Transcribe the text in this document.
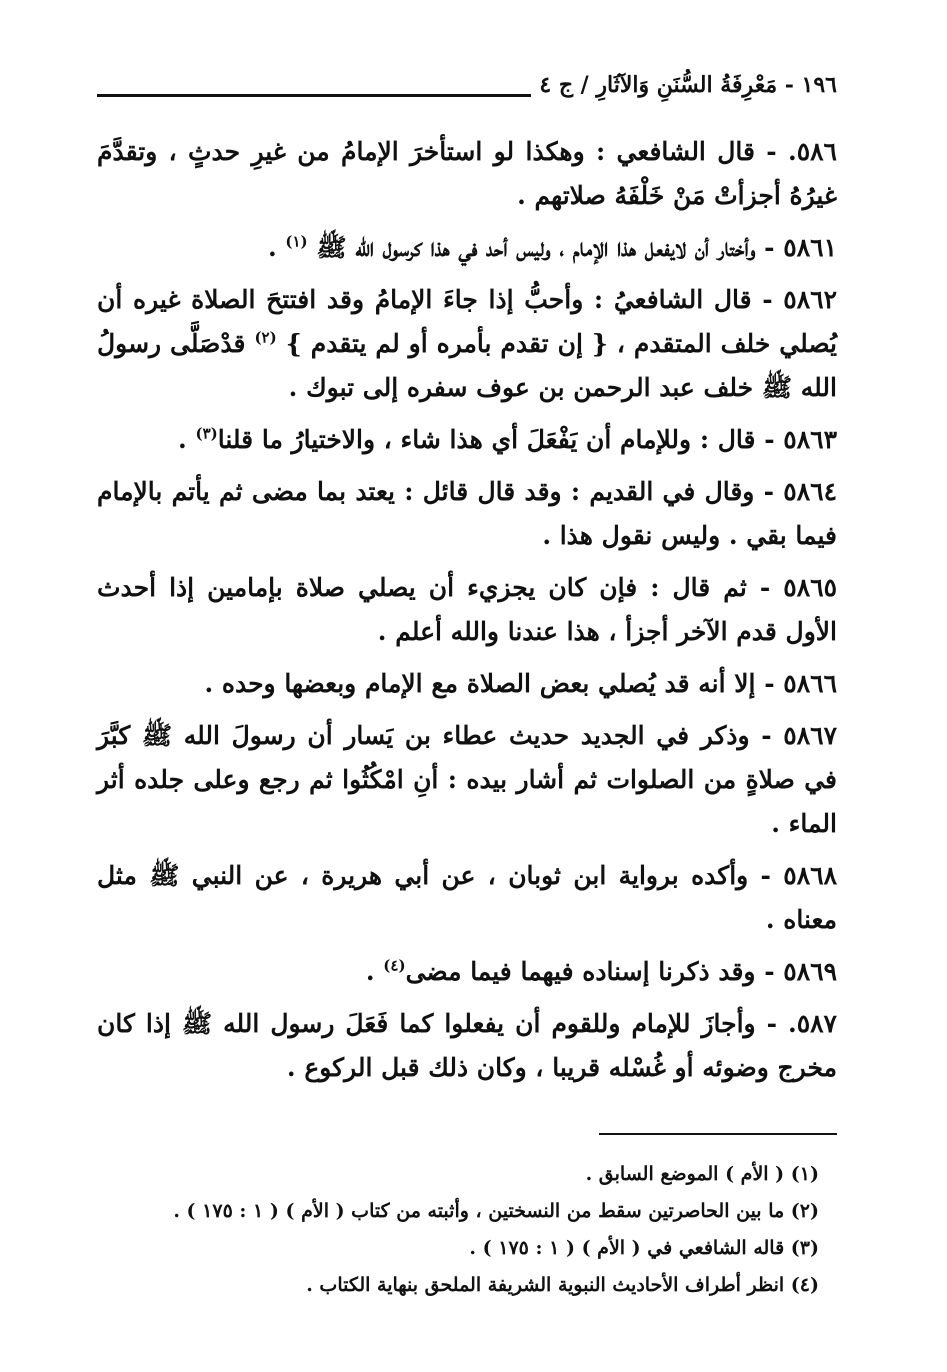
١٩٦ - مَعْرِفَةُ السُّنَنِ وَالآثَارِ / ج ٤

٥٨٦. - قال الشافعي : وهكذا لو استأخرَ الإمامُ من غيرِ حدثٍ ، وتقدَّمَ غيرُهُ أجزأتْ مَنْ خَلْفَهُ صلاتهم .

٥٨٦١ - وأختار أن لايفعل هذا الإمام ، وليس أحد في هذا كرسول الله ﷺ $^{(١)}$ .

٥٨٦٢ - قال الشافعيُ : وأحبُّ إذا جاءَ الإمامُ وقد افتتحَ الصلاة غيره أن يُصلي خلف المتقدم ، { إن تقدم بأمره أو لم يتقدم } $^{(٢)}$ قدْصَلَّى رسولُ الله ﷺ خلف عبد الرحمن بن عوف سفره إلى تبوك .

٥٨٦٣ - قال : وللإمام أن يَفْعَلَ أي هذا شاء ، والاختيارُ ما قلنا$^{(٣)}$ .

٥٨٦٤ - وقال في القديم : وقد قال قائل : يعتد بما مضى ثم يأتم بالإمام فيما بقي . وليس نقول هذا .

٥٨٦٥ - ثم قال : فإن كان يجزيء أن يصلي صلاة بإمامين إذا أحدث الأول قدم الآخر أجزأ ، هذا عندنا والله أعلم .

٥٨٦٦ - إلا أنه قد يُصلي بعض الصلاة مع الإمام وبعضها وحده .

٥٨٦٧ - وذكر في الجديد حديث عطاء بن يَسار أن رسولَ الله ﷺ كبَّرَ في صلاةٍ من الصلوات ثم أشار بيده : أنِ امْكُثُوا ثم رجع وعلى جلده أثر الماء .

٥٨٦٨ - وأكده برواية ابن ثوبان ، عن أبي هريرة ، عن النبي ﷺ مثل معناه .

٥٨٦٩ - وقد ذكرنا إسناده فيهما فيما مضى$^{(٤)}$ .

٥٨٧. - وأجازَ للإمام وللقوم أن يفعلوا كما فَعَلَ رسول الله ﷺ إذا كان مخرج وضوئه أو غُسْله قريبا ، وكان ذلك قبل الركوع .

(١) ( الأم ) الموضع السابق .
(٢) ما بين الحاصرتين سقط من النسختين ، وأثبته من كتاب ( الأم ) ( ١ : ١٧٥ ) .
(٣) قاله الشافعي في ( الأم ) ( ١ : ١٧٥ ) .
(٤) انظر أطراف الأحاديث النبوية الشريفة الملحق بنهاية الكتاب .
